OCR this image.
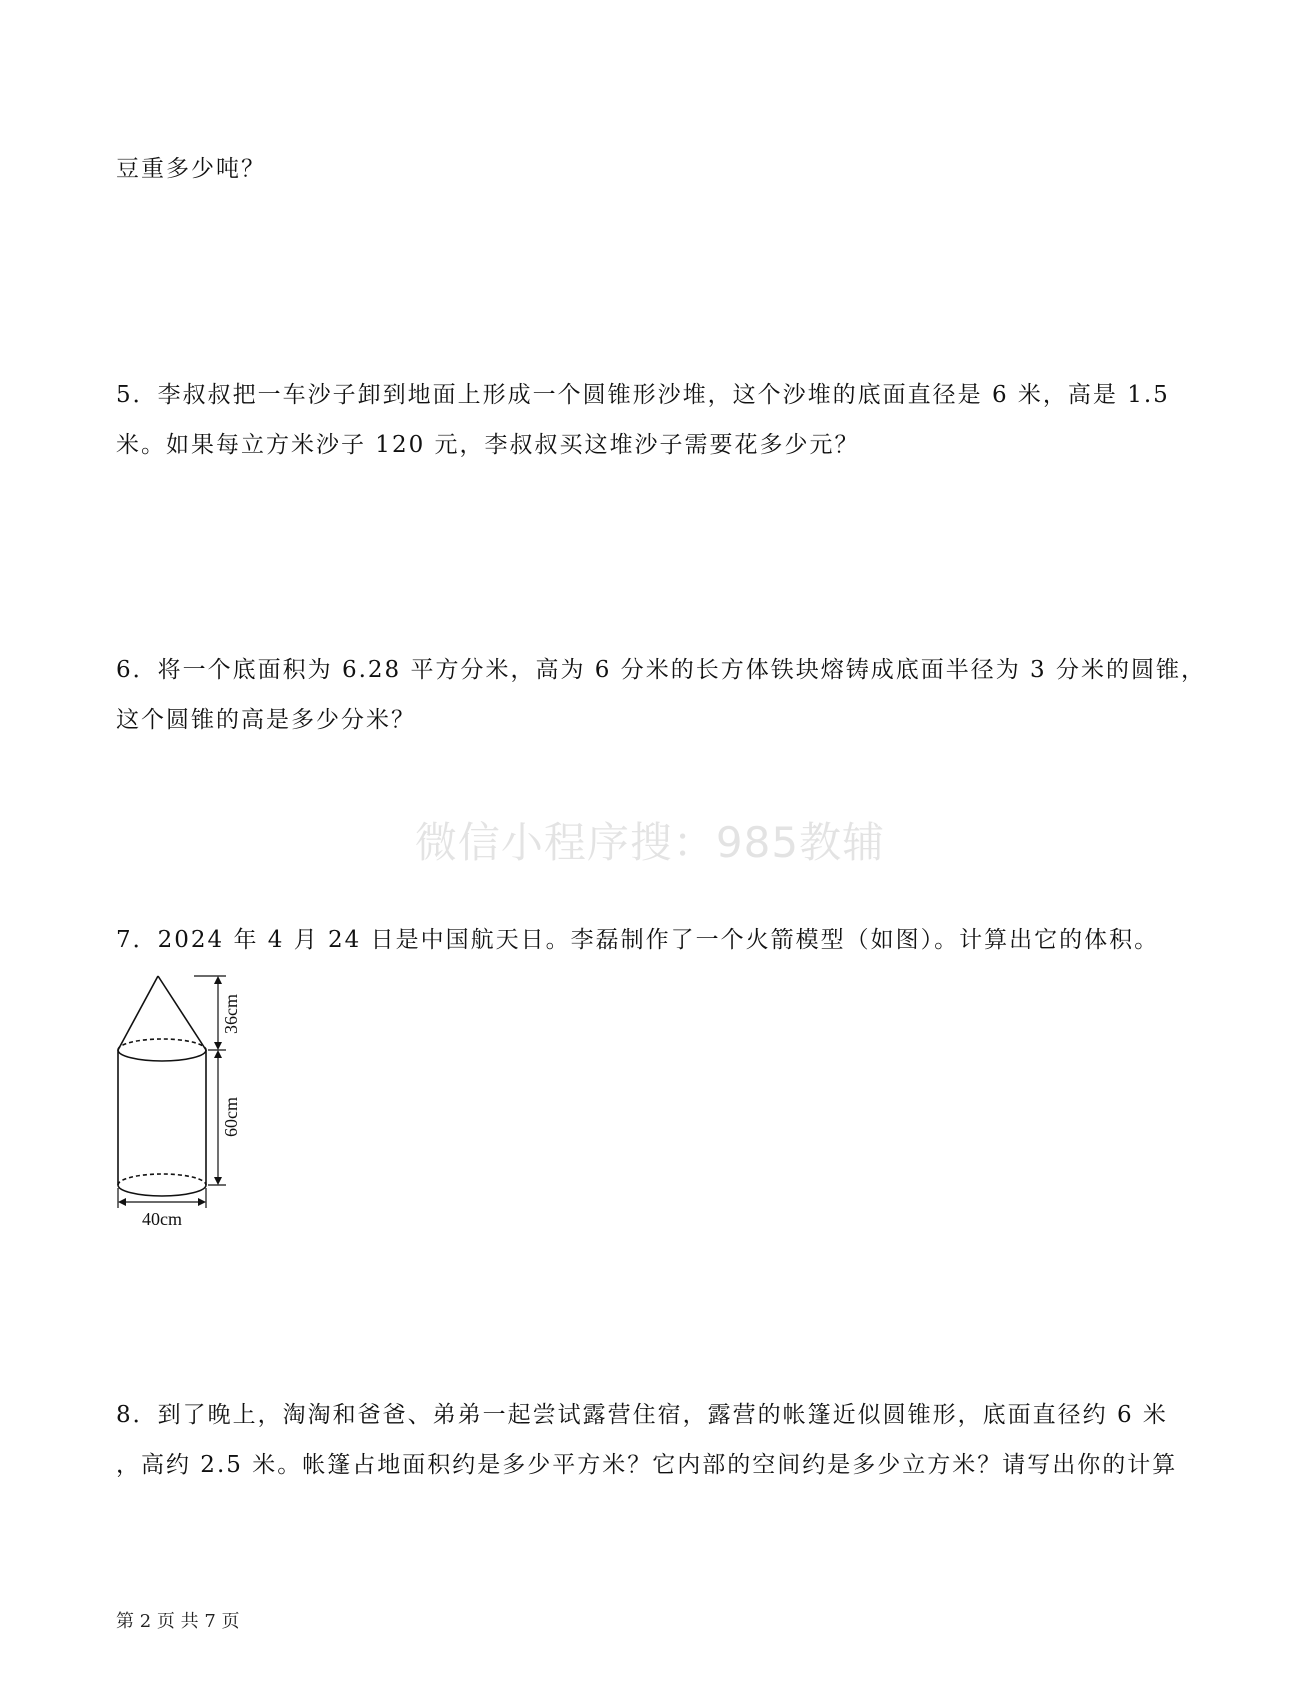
豆重多少吨？
5．李叔叔把一车沙子卸到地面上形成一个圆锥形沙堆，这个沙堆的底面直径是 6 米，高是 1.5
米。如果每立方米沙子 120 元，李叔叔买这堆沙子需要花多少元？
6．将一个底面积为 6.28 平方分米，高为 6 分米的长方体铁块熔铸成底面半径为 3 分米的圆锥，
这个圆锥的高是多少分米？
微信小程序搜：985教辅
7．2024 年 4 月 24 日是中国航天日。李磊制作了一个火箭模型（如图）。计算出它的体积。
36cm
60cm
40cm
8．到了晚上，淘淘和爸爸、弟弟一起尝试露营住宿，露营的帐篷近似圆锥形，底面直径约 6 米
，高约 2.5 米。帐篷占地面积约是多少平方米？它内部的空间约是多少立方米？请写出你的计算
第 2 页 共 7 页
